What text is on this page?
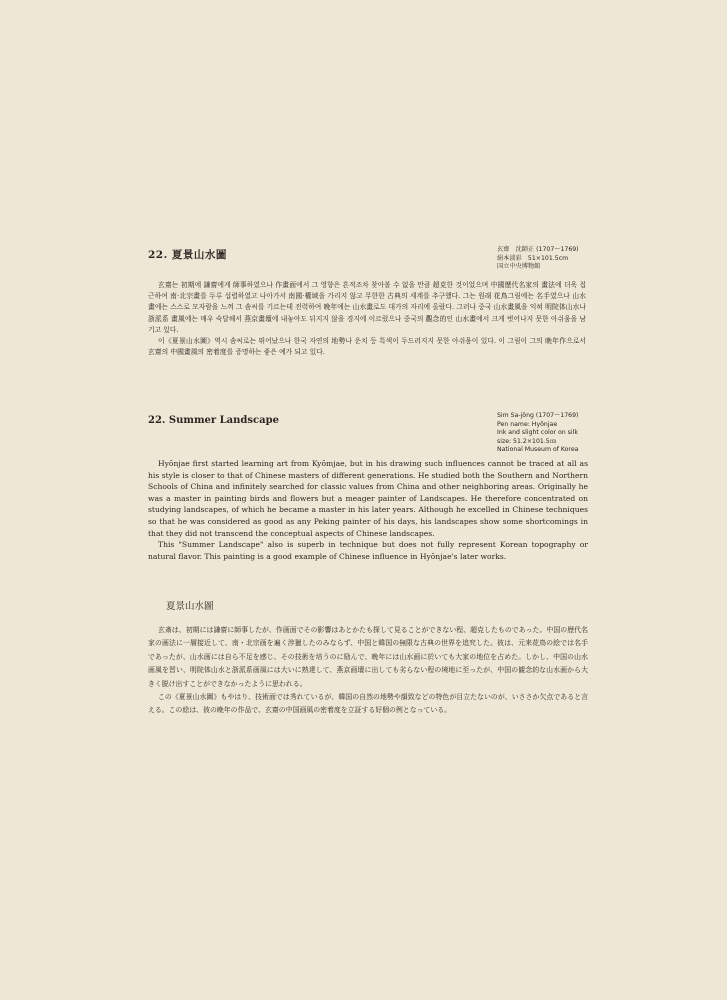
22. 夏景山水圖	玄齋　沈師正 (1707～1769)
絹本淡彩　51×101.5cm
国立中央博物館

玄齋는 初期에 謙齋에게 師事하였으나 作畫面에서 그 영향은 흔적조차 찾아볼 수 없을 만큼 超克한 것이었으며 中國歷代名家의 畫法에 더욱 접근하여 南·北宗畫를 두루 섭렵하였고 나아가서 南國·權域을 가리지 않고 무한한 古典의 세계를 추구했다. 그는 원래 花鳥그림에는 名手였으나 山水畫에는 스스로 모자람을 느껴 그 솜씨를 기르는데 전력하여 晩年에는 山水畫로도 대가의 자리에 올랐다. 그러나 중국 山水畫風을 익혀 明院体山水나 浙派系 畫風에는 매우 숙달해서 燕京畫壇에 내놓아도 뒤지지 않을 경지에 이르렀으나 중국의 觀念的인 山水畫에서 크게 벗어나지 못한 아쉬움을 남기고 있다.

이《夏景山水圖》역시 솜씨로는 뛰어났으나 한국 자연의 地勢나 운치 등 특색이 두드러지지 못한 아쉬움이 있다. 이 그림이 그의 晩年作으로서 玄齋의 中國畫風의 密着度를 증명하는 좋은 예가 되고 있다.

22. Summer Landscape	Sim Sa-jŏng (1707～1769)
Pen name: Hyŏnjae
Ink and slight color on silk
size: 51.2×101.5㎝
National Museum of Korea

Hyŏnjae first started learning art from Kyŏmjae, but in his drawing such influences cannot be traced at all as his style is closer to that of Chinese masters of different generations. He studied both the Southern and Northern Schools of China and infinitely searched for classic values from China and other neighboring areas. Originally he was a master in painting birds and flowers but a meager painter of Landscapes. He therefore concentrated on studying landscapes, of which he became a master in his later years. Although he excelled in Chinese techniques so that he was considered as good as any Peking painter of his days, his landscapes show some shortcomings in that they did not transcend the conceptual aspects of Chinese landscapes.

This "Summer Landscape" also is superb in technique but does not fully represent Korean topography or natural flavor. This painting is a good example of Chinese influence in Hyŏnjae's later works.

夏景山水圖

玄斎は、初期には謙齋に師事したが、作画面でその影響はあとかたも探して見ることができない程、超克したものであった。中国の歴代名家の画法に一層接近して、南・北宗画を遍く渉獵したのみならず、中国と韓国の無限な古典の世界を追究した。彼は、元来花鳥の絵では名手であったが、山水画には自ら不足を感じ、その技術を培うのに励んで、晩年には山水画に於いても大家の地位を占めた。しかし、中国の山水画風を習い、明院体山水と浙派系画風には大いに熟達して、燕京画壇に出しても劣らない程の境地に至ったが、中国の観念的な山水画から大きく脱け出すことができなかったように思われる。

この《夏景山水圖》もやはり、技術面では秀れているが、韓国の自然の地勢や韻致などの特色が目立たないのが、いささか欠点であると言える。この絵は、彼の晩年の作品で、玄齋の中国画風の密着度を立証する好個の例となっている。
